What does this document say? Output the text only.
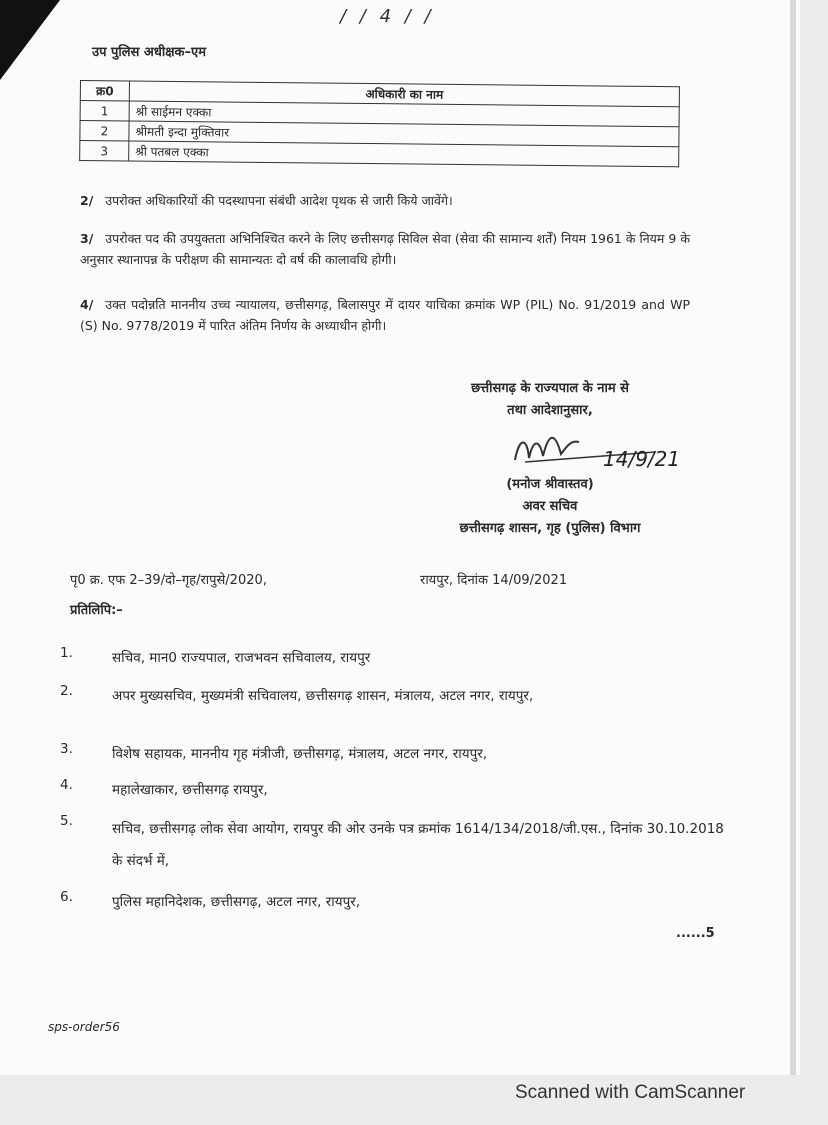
/ / 4 / /
उप पुलिस अधीक्षक–एम
क्र0	अधिकारी का नाम
1	श्री साईमन एक्का
2	श्रीमती इन्दा मुक्तिवार
3	श्री पतबल एक्का
2/ उपरोक्त अधिकारियों की पदस्थापना संबंधी आदेश पृथक से जारी किये जावेंगे।
3/ उपरोक्त पद की उपयुक्तता अभिनिश्चित करने के लिए छत्तीसगढ़ सिविल सेवा (सेवा की सामान्य शर्तें) नियम 1961 के नियम 9 के अनुसार स्थानापन्न के परीक्षण की सामान्यतः दो वर्ष की कालावधि होगी।
4/ उक्त पदोन्नति माननीय उच्च न्यायालय, छत्तीसगढ़, बिलासपुर में दायर याचिका क्रमांक WP (PIL) No. 91/2019 and WP (S) No. 9778/2019 में पारित अंतिम निर्णय के अध्याधीन होगी।
छत्तीसगढ़ के राज्यपाल के नाम से
तथा आदेशानुसार,
(मनोज श्रीवास्तव)
अवर सचिव
छत्तीसगढ़ शासन, गृह (पुलिस) विभाग
14/9/21
पृ0 क्र. एफ 2–39/दो–गृह/रापुसे/2020,	रायपुर, दिनांक 14/09/2021
प्रतिलिपि:–
1.	सचिव, मान0 राज्यपाल, राजभवन सचिवालय, रायपुर
2.	अपर मुख्यसचिव, मुख्यमंत्री सचिवालय, छत्तीसगढ़ शासन, मंत्रालय, अटल नगर, रायपुर,
3.	विशेष सहायक, माननीय गृह मंत्रीजी, छत्तीसगढ़, मंत्रालय, अटल नगर, रायपुर,
4.	महालेखाकार, छत्तीसगढ़ रायपुर,
5.	सचिव, छत्तीसगढ़ लोक सेवा आयोग, रायपुर की ओर उनके पत्र क्रमांक 1614/134/2018/जी.एस., दिनांक 30.10.2018 के संदर्भ में,
6.	पुलिस महानिदेशक, छत्तीसगढ़, अटल नगर, रायपुर,
......5
sps-order56
Scanned with CamScanner
